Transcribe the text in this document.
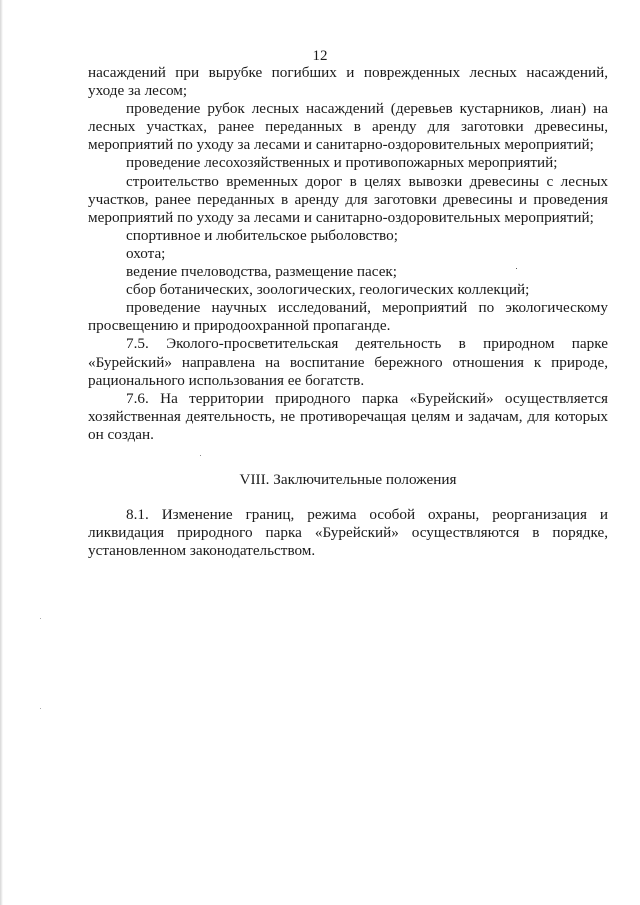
12

насаждений при вырубке погибших и поврежденных лесных насаждений, уходе за лесом;

проведение рубок лесных насаждений (деревьев кустарников, лиан) на лесных участках, ранее переданных в аренду для заготовки древесины, мероприятий по уходу за лесами и санитарно-оздоровительных мероприятий;

проведение лесохозяйственных и противопожарных мероприятий;

строительство временных дорог в целях вывозки древесины с лесных участков, ранее переданных в аренду для заготовки древесины и проведения мероприятий по уходу за лесами и санитарно-оздоровительных мероприятий;

спортивное и любительское рыболовство;

охота;

ведение пчеловодства, размещение пасек;

сбор ботанических, зоологических, геологических коллекций;

проведение научных исследований, мероприятий по экологическому просвещению и природоохранной пропаганде.

7.5. Эколого-просветительская деятельность в природном парке «Бурейский» направлена на воспитание бережного отношения к природе, рационального использования ее богатств.

7.6. На территории природного парка «Бурейский» осуществляется хозяйственная деятельность, не противоречащая целям и задачам, для которых он создан.

VIII. Заключительные положения

8.1. Изменение границ, режима особой охраны, реорганизация и ликвидация природного парка «Бурейский» осуществляются в порядке, установленном законодательством.
